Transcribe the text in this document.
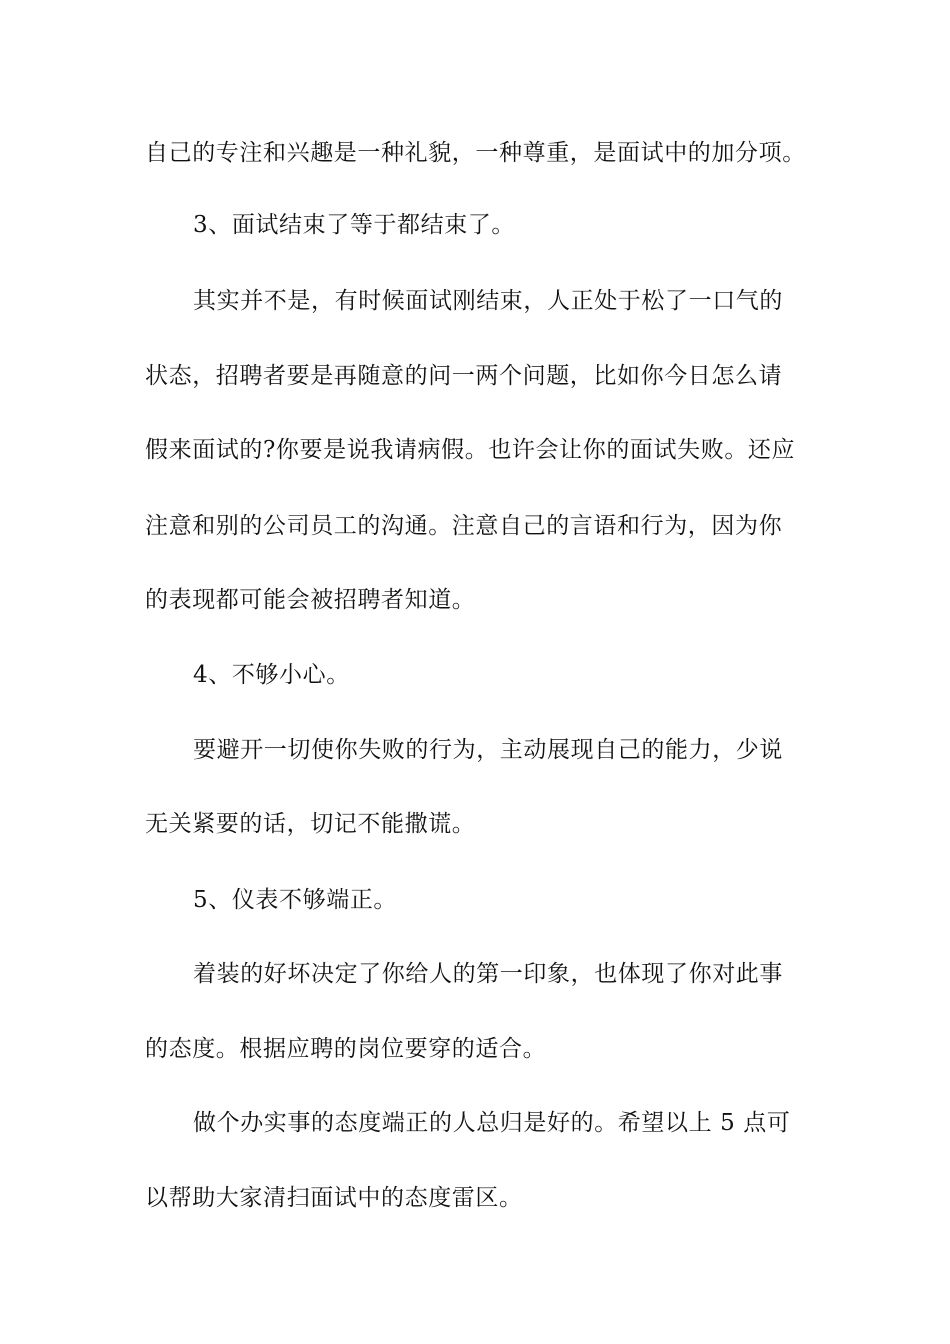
自己的专注和兴趣是一种礼貌，一种尊重，是面试中的加分项。
3、面试结束了等于都结束了。
其实并不是，有时候面试刚结束，人正处于松了一口气的
状态，招聘者要是再随意的问一两个问题，比如你今日怎么请
假来面试的?你要是说我请病假。也许会让你的面试失败。还应
注意和别的公司员工的沟通。注意自己的言语和行为，因为你
的表现都可能会被招聘者知道。
4、不够小心。
要避开一切使你失败的行为，主动展现自己的能力，少说
无关紧要的话，切记不能撒谎。
5、仪表不够端正。
着装的好坏决定了你给人的第一印象，也体现了你对此事
的态度。根据应聘的岗位要穿的适合。
做个办实事的态度端正的人总归是好的。希望以上 5 点可
以帮助大家清扫面试中的态度雷区。
